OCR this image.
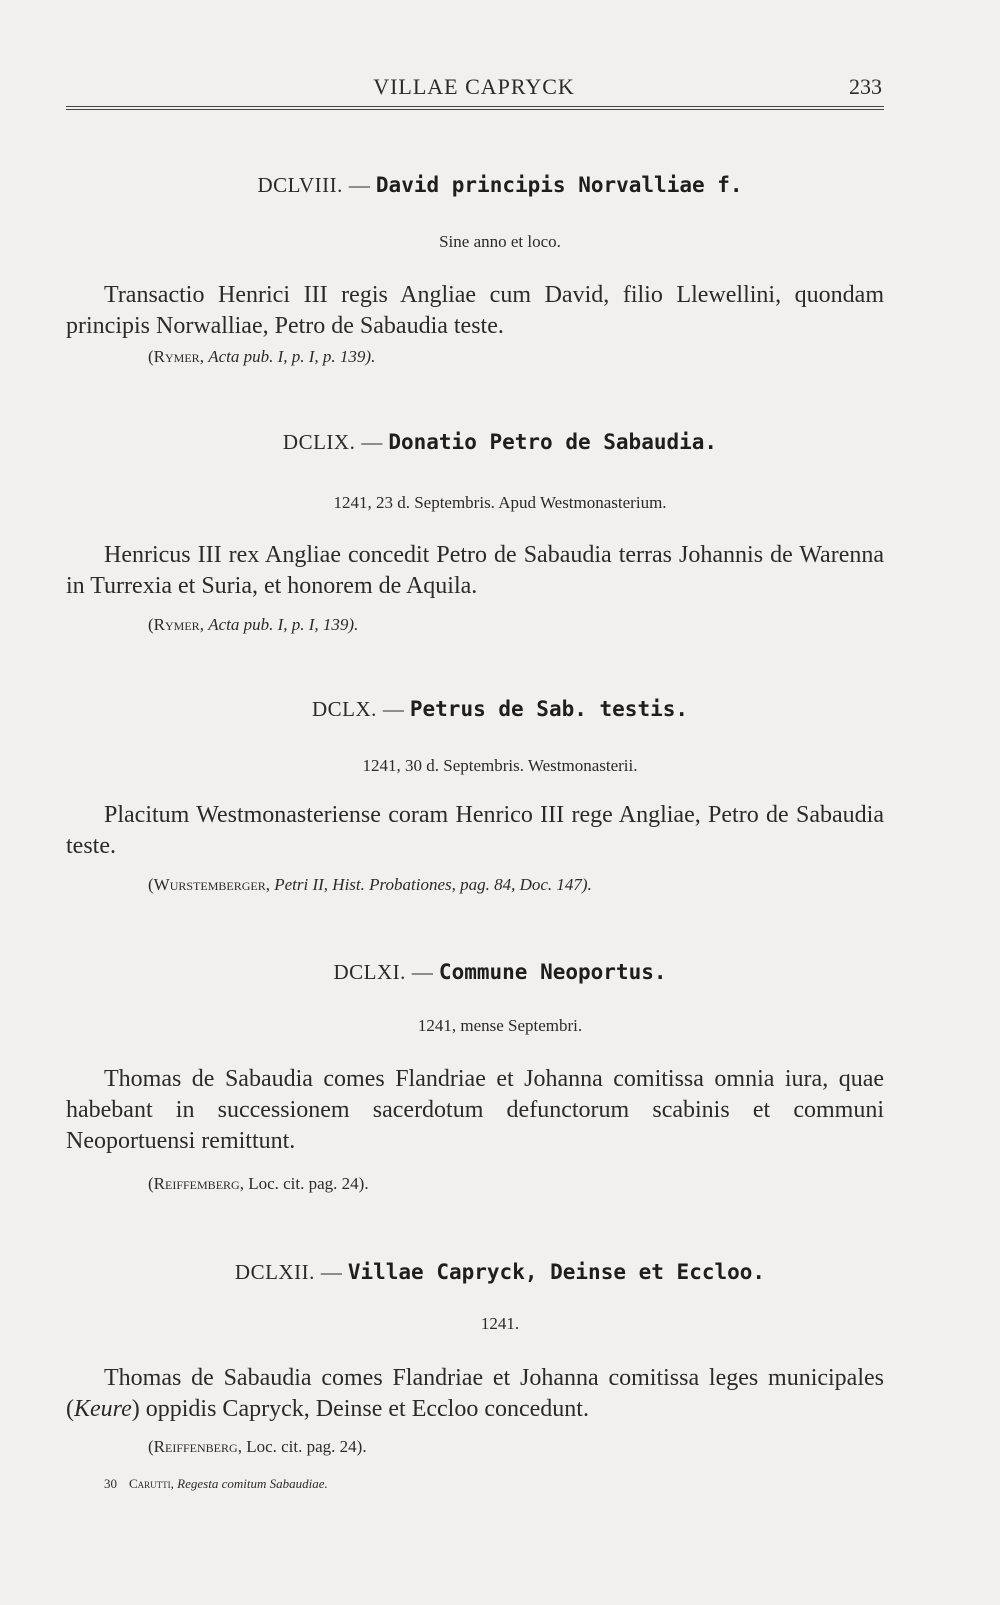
VILLAE CAPRYCK	233
DCLVIII. — David principis Norvalliae f.
Sine anno et loco.
Transactio Henrici III regis Angliae cum David, filio Llewellini, quondam principis Norwalliae, Petro de Sabaudia teste.
(Rymer, Acta pub. I, p. I, p. 139).
DCLIX. — Donatio Petro de Sabaudia.
1241, 23 d. Septembris. Apud Westmonasterium.
Henricus III rex Angliae concedit Petro de Sabaudia terras Johannis de Warenna in Turrexia et Suria, et honorem de Aquila.
(Rymer, Acta pub. I, p. I, 139).
DCLX. — Petrus de Sab. testis.
1241, 30 d. Septembris. Westmonasterii.
Placitum Westmonasteriense coram Henrico III rege Angliae, Petro de Sabaudia teste.
(Wurstemberger, Petri II, Hist. Probationes, pag. 84, Doc. 147).
DCLXI. — Commune Neoportus.
1241, mense Septembri.
Thomas de Sabaudia comes Flandriae et Johanna comitissa omnia iura, quae habebant in successionem sacerdotum defunctorum scabinis et communi Neoportuensi remittunt.
(Reiffemberg, Loc. cit. pag. 24).
DCLXII. — Villae Capryck, Deinse et Eccloo.
1241.
Thomas de Sabaudia comes Flandriae et Johanna comitissa leges municipales (Keure) oppidis Capryck, Deinse et Eccloo concedunt.
(Reiffenberg, Loc. cit. pag. 24).
30 Carutti, Regesta comitum Sabaudiae.
